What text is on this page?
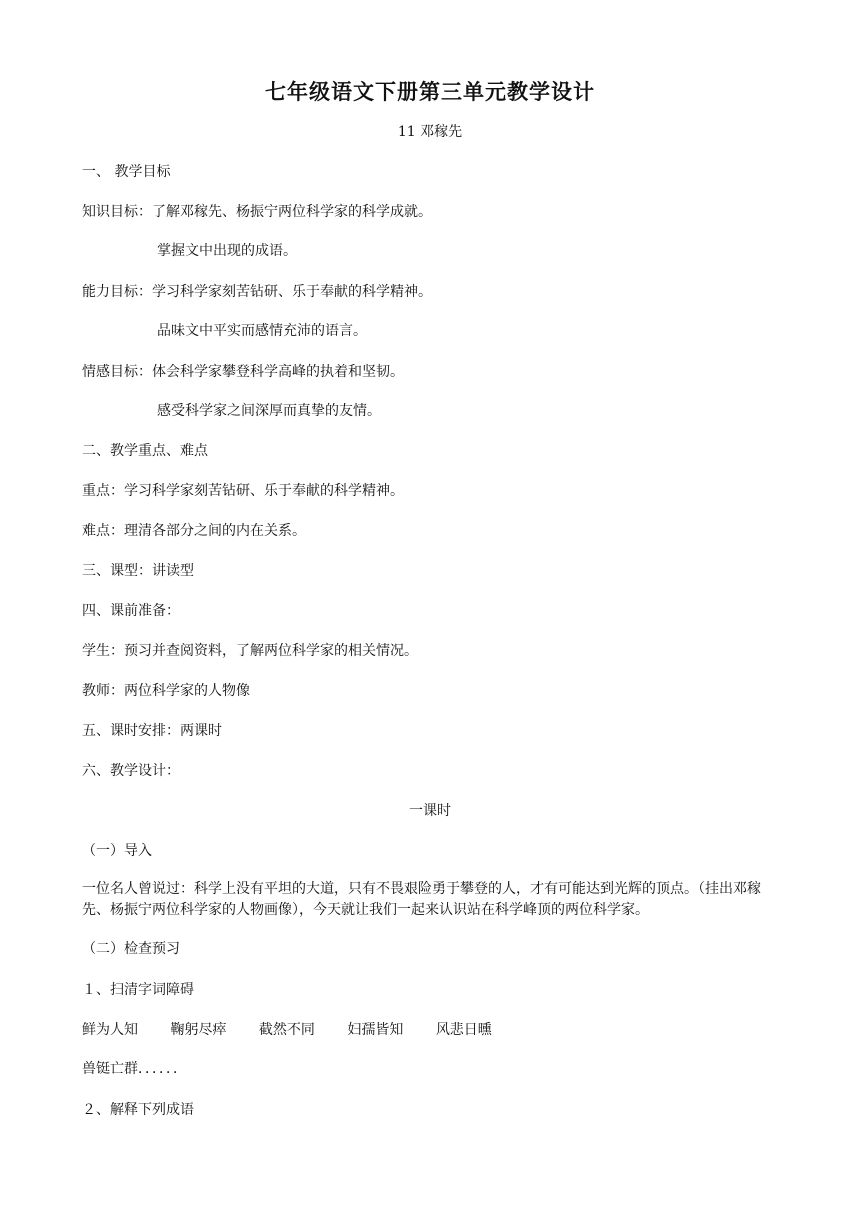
七年级语文下册第三单元教学设计
11 邓稼先
一、 教学目标
知识目标：了解邓稼先、杨振宁两位科学家的科学成就。
掌握文中出现的成语。
能力目标：学习科学家刻苦钻研、乐于奉献的科学精神。
品味文中平实而感情充沛的语言。
情感目标：体会科学家攀登科学高峰的执着和坚韧。
感受科学家之间深厚而真挚的友情。
二、教学重点、难点
重点：学习科学家刻苦钻研、乐于奉献的科学精神。
难点：理清各部分之间的内在关系。
三、课型：讲读型
四、课前准备：
学生：预习并查阅资料，了解两位科学家的相关情况。
教师：两位科学家的人物像
五、课时安排：两课时
六、教学设计：
一课时
（一）导入
一位名人曾说过：科学上没有平坦的大道，只有不畏艰险勇于攀登的人，才有可能达到光辉的顶点。（挂出邓稼先、杨振宁两位科学家的人物画像），今天就让我们一起来认识站在科学峰顶的两位科学家。
（二）检查预习
１、扫清字词障碍
鲜为人知 鞠躬尽瘁 截然不同 妇孺皆知 风悲日曛
兽铤亡群．．．．．．
２、解释下列成语
